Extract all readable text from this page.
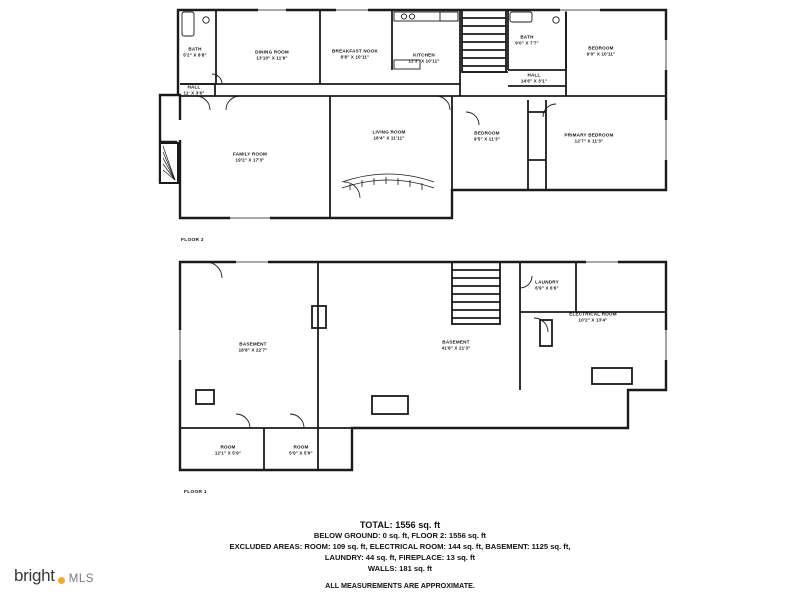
BATH
5'2" X 8'8"
DINING ROOM
13'10" X 11'6"
BREAKFAST NOOK
8'8" X 10'11"	KITCHEN
11'3" X 10'11"
BATH
9'0" X 7'7"
BEDROOM
9'0" X 10'11"
HALL
14'6" X 3'1"
HALL
11' X 3'6"
FAMILY ROOM
19'2" X 17'3"
LIVING ROOM
18'4" X 11'11"
BEDROOM
9'5" X 11'3"
PRIMARY BEDROOM
12'7" X 11'3"
FLOOR 2
LAUNDRY
6'9" X 6'6"
ELECTRICAL ROOM
10'2" X 13'4"
BASEMENT
18'8" X 22'7"
BASEMENT
41'8" X 21'3"
ROOM
12'1" X 5'9"
ROOM
5'9" X 5'9"
FLOOR 1
TOTAL: 1556 sq. ft
BELOW GROUND: 0 sq. ft, FLOOR 2: 1556 sq. ft
EXCLUDED AREAS: ROOM: 109 sq. ft, ELECTRICAL ROOM: 144 sq. ft, BASEMENT: 1125 sq. ft,
LAUNDRY: 44 sq. ft, FIREPLACE: 13 sq. ft
WALLS: 181 sq. ft
ALL MEASUREMENTS ARE APPROXIMATE.
bright MLS
